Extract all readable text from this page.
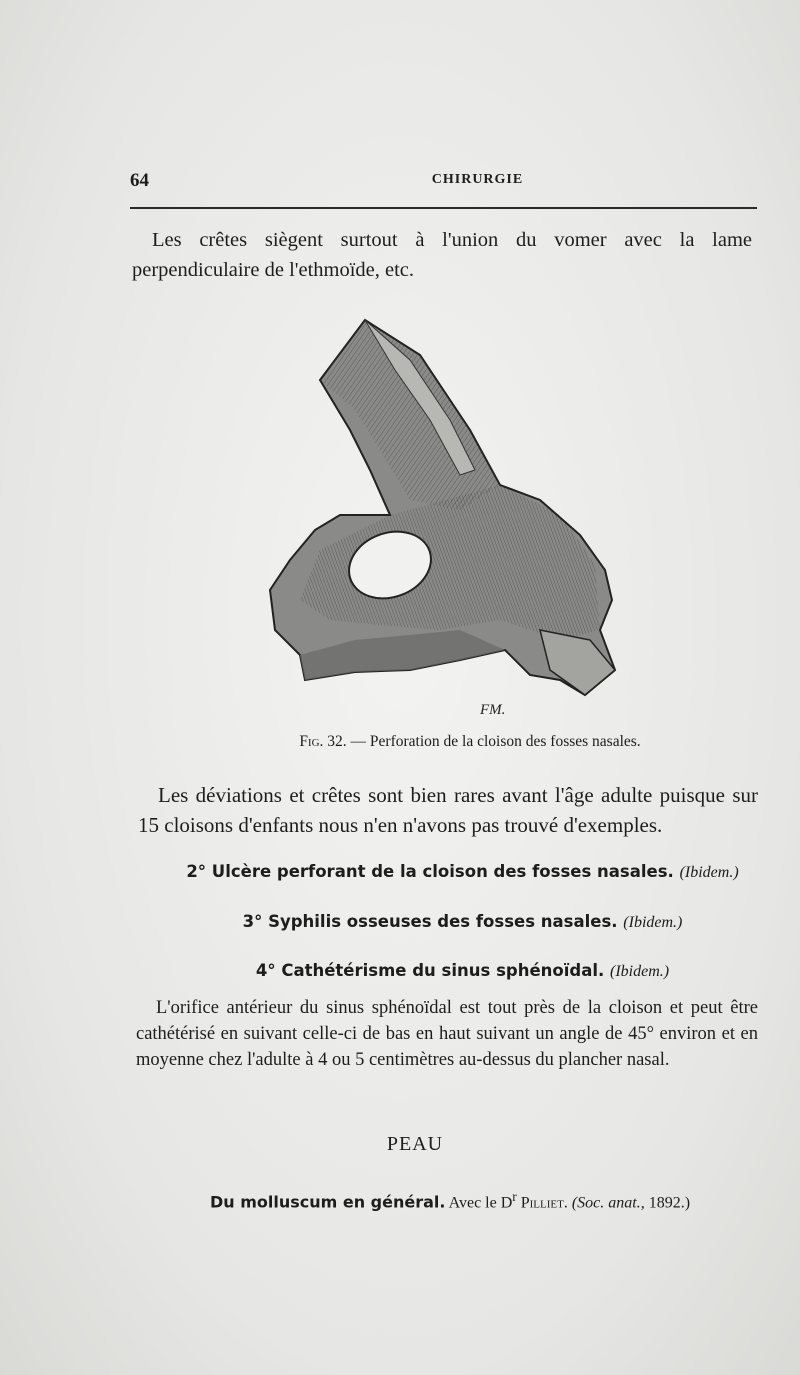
64	CHIRURGIE

Les crêtes siègent surtout à l'union du vomer avec la lame perpendiculaire de l'ethmoïde, etc.

FM.
Fig. 32. — Perforation de la cloison des fosses nasales.

Les déviations et crêtes sont bien rares avant l'âge adulte puisque sur 15 cloisons d'enfants nous n'en n'avons pas trouvé d'exemples.

2° Ulcère perforant de la cloison des fosses nasales. (Ibidem.)
3° Syphilis osseuses des fosses nasales. (Ibidem.)
4° Cathétérisme du sinus sphénoïdal. (Ibidem.)

L'orifice antérieur du sinus sphénoïdal est tout près de la cloison et peut être cathétérisé en suivant celle-ci de bas en haut suivant un angle de 45° environ et en moyenne chez l'adulte à 4 ou 5 centimètres au-dessus du plancher nasal.

PEAU
Du molluscum en général. Avec le $D^r$ Pilliet. (Soc. anat., 1892.)
